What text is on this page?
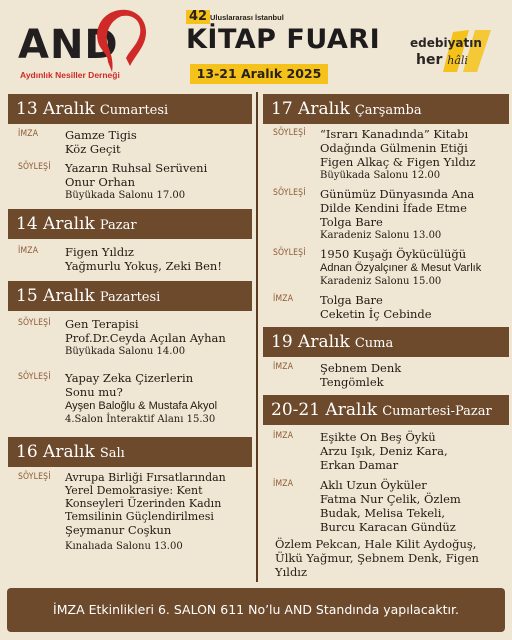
AND
Aydınlık Nesiller Derneği
42 Uluslararası İstanbul
KİTAP FUARI
13-21 Aralık 2025
edebiyatın
her hâli
13 Aralık Cumartesi
İMZA Gamze Tigis
Köz Geçit
SÖYLEŞİ Yazarın Ruhsal Serüveni
Onur Orhan
Büyükada Salonu 17.00
14 Aralık Pazar
İMZA Figen Yıldız
Yağmurlu Yokuş, Zeki Ben!
15 Aralık Pazartesi
SÖYLEŞİ Gen Terapisi
Prof.Dr.Ceyda Açılan Ayhan
Büyükada Salonu 14.00
SÖYLEŞİ Yapay Zeka Çizerlerin
Sonu mu?
Ayşen Baloğlu & Mustafa Akyol
4.Salon İnteraktif Alanı 15.30
16 Aralık Salı
SÖYLEŞİ Avrupa Birliği Fırsatlarından
Yerel Demokrasiye: Kent
Konseyleri Üzerinden Kadın
Temsilinin Güçlendirilmesi
Şeymanur Coşkun
Kınalıada Salonu 13.00
17 Aralık Çarşamba
SÖYLEŞİ “Israrı Kanadında” Kitabı
Odağında Gülmenin Etiği
Figen Alkaç & Figen Yıldız
Büyükada Salonu 12.00
SÖYLEŞİ Günümüz Dünyasında Ana
Dilde Kendini İfade Etme
Tolga Bare
Karadeniz Salonu 13.00
SÖYLEŞİ 1950 Kuşağı Öykücülüğü
Adnan Özyalçıner & Mesut Varlık
Karadeniz Salonu 15.00
İMZA Tolga Bare
Ceketin İç Cebinde
19 Aralık Cuma
İMZA Şebnem Denk
Tengömlek
20-21 Aralık Cumartesi-Pazar
İMZA Eşikte On Beş Öykü
Arzu Işık, Deniz Kara,
Erkan Damar
İMZA Aklı Uzun Öyküler
Fatma Nur Çelik, Özlem
Budak, Melisa Tekeli,
Burcu Karacan Gündüz
Özlem Pekcan, Hale Kilit Aydoğuş,
Ülkü Yağmur, Şebnem Denk, Figen
Yıldız
İMZA Etkinlikleri 6. SALON 611 No’lu AND Standında yapılacaktır.
